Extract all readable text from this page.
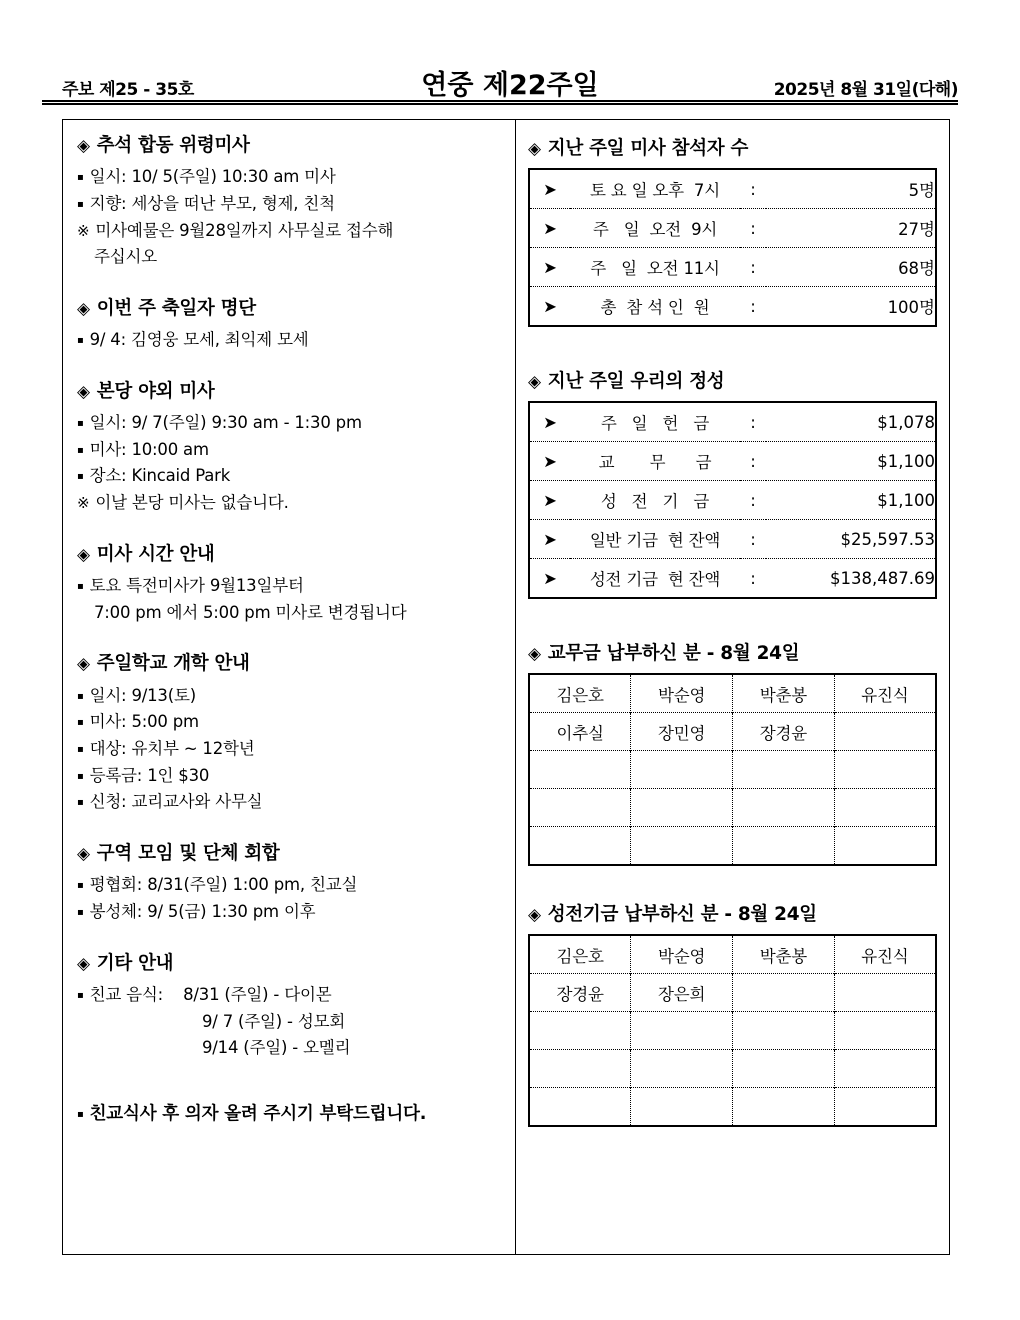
주보 제25 - 35호	연중 제22주일	2025년 8월 31일(다해)
◈ 추석 합동 위령미사
▪ 일시: 10/ 5(주일) 10:30 am 미사
▪ 지향: 세상을 떠난 부모, 형제, 친척
※ 미사예물은 9월28일까지 사무실로 접수해
주십시오
◈ 이번 주 축일자 명단
▪ 9/ 4: 김영웅 모세, 최익제 모세
◈ 본당 야외 미사
▪ 일시: 9/ 7(주일) 9:30 am - 1:30 pm
▪ 미사: 10:00 am
▪ 장소: Kincaid Park
※ 이날 본당 미사는 없습니다.
◈ 미사 시간 안내
▪ 토요 특전미사가 9월13일부터
7:00 pm 에서 5:00 pm 미사로 변경됩니다
◈ 주일학교 개학 안내
▪ 일시: 9/13(토)
▪ 미사: 5:00 pm
▪ 대상: 유치부 ~ 12학년
▪ 등록금: 1인 $30
▪ 신청: 교리교사와 사무실
◈ 구역 모임 및 단체 회합
▪ 평협회: 8/31(주일) 1:00 pm, 친교실
▪ 봉성체: 9/ 5(금) 1:30 pm 이후
◈ 기타 안내
▪ 친교 음식:    8/31 (주일) - 다이몬
9/ 7 (주일) - 성모회
9/14 (주일) - 오멜리
▪ 친교식사 후 의자 올려 주시기 부탁드립니다.
◈ 지난 주일 미사 참석자 수
➤	토 요 일 오후  7시	:	5명
➤	주   일  오전  9시	:	27명
➤	주   일  오전 11시	:	68명
➤	총  참 석 인  원	:	100명
◈ 지난 주일 우리의 정성
➤	주   일   헌   금	:	$1,078
➤	교       무      금	:	$1,100
➤	성   전   기   금	:	$1,100
➤	일반 기금  현 잔액	:	$25,597.53
➤	성전 기금  현 잔액	:	$138,487.69
◈ 교무금 납부하신 분 - 8월 24일
김은호	박순영	박춘봉	유진식
이추실	장민영	장경윤	

◈ 성전기금 납부하신 분 - 8월 24일
김은호	박순영	박춘봉	유진식
장경윤	장은희		
